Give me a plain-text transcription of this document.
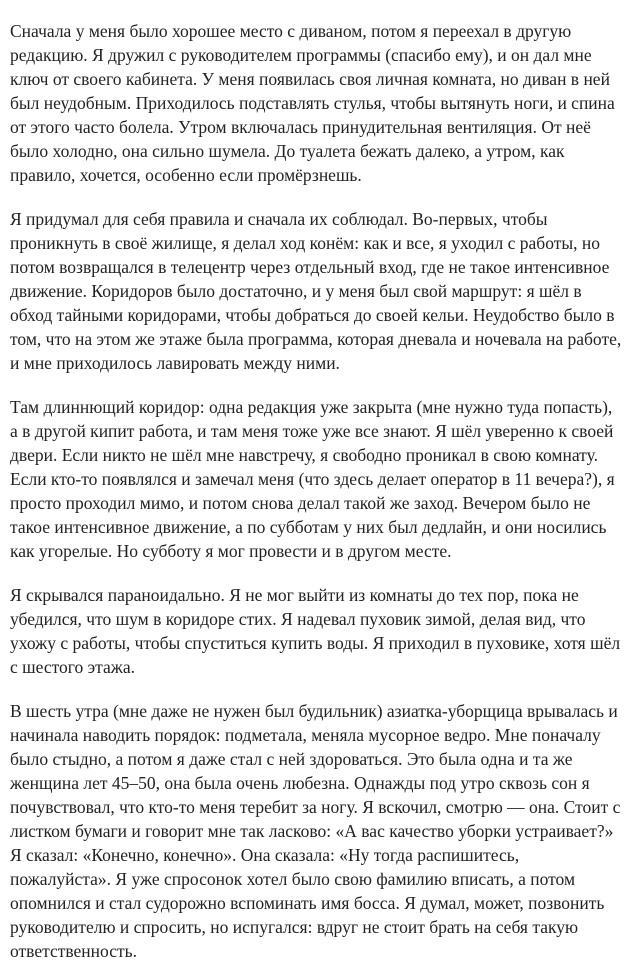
Сначала у меня было хорошее место с диваном, потом я переехал в другую редакцию. Я дружил с руководителем программы (спасибо ему), и он дал мне ключ от своего кабинета. У меня появилась своя личная комната, но диван в ней был неудобным. Приходилось подставлять стулья, чтобы вытянуть ноги, и спина от этого часто болела. Утром включалась принудительная вентиляция. От неё было холодно, она сильно шумела. До туалета бежать далеко, а утром, как правило, хочется, особенно если промёрзнешь.

Я придумал для себя правила и сначала их соблюдал. Во-первых, чтобы проникнуть в своё жилище, я делал ход конём: как и все, я уходил с работы, но потом возвращался в телецентр через отдельный вход, где не такое интенсивное движение. Коридоров было достаточно, и у меня был свой маршрут: я шёл в обход тайными коридорами, чтобы добраться до своей кельи. Неудобство было в том, что на этом же этаже была программа, которая дневала и ночевала на работе, и мне приходилось лавировать между ними.

Там длиннющий коридор: одна редакция уже закрыта (мне нужно туда попасть), а в другой кипит работа, и там меня тоже уже все знают. Я шёл уверенно к своей двери. Если никто не шёл мне навстречу, я свободно проникал в свою комнату. Если кто-то появлялся и замечал меня (что здесь делает оператор в 11 вечера?), я просто проходил мимо, и потом снова делал такой же заход. Вечером было не такое интенсивное движение, а по субботам у них был дедлайн, и они носились как угорелые. Но субботу я мог провести и в другом месте.

Я скрывался параноидально. Я не мог выйти из комнаты до тех пор, пока не убедился, что шум в коридоре стих. Я надевал пуховик зимой, делая вид, что ухожу с работы, чтобы спуститься купить воды. Я приходил в пуховике, хотя шёл с шестого этажа.

В шесть утра (мне даже не нужен был будильник) азиатка-уборщица врывалась и начинала наводить порядок: подметала, меняла мусорное ведро. Мне поначалу было стыдно, а потом я даже стал с ней здороваться. Это была одна и та же женщина лет 45–50, она была очень любезна. Однажды под утро сквозь сон я почувствовал, что кто-то меня теребит за ногу. Я вскочил, смотрю — она. Стоит с листком бумаги и говорит мне так ласково: «А вас качество уборки устраивает?» Я сказал: «Конечно, конечно». Она сказала: «Ну тогда распишитесь, пожалуйста». Я уже спросонок хотел было свою фамилию вписать, а потом опомнился и стал судорожно вспоминать имя босса. Я думал, может, позвонить руководителю и спросить, но испугался: вдруг не стоит брать на себя такую ответственность.
